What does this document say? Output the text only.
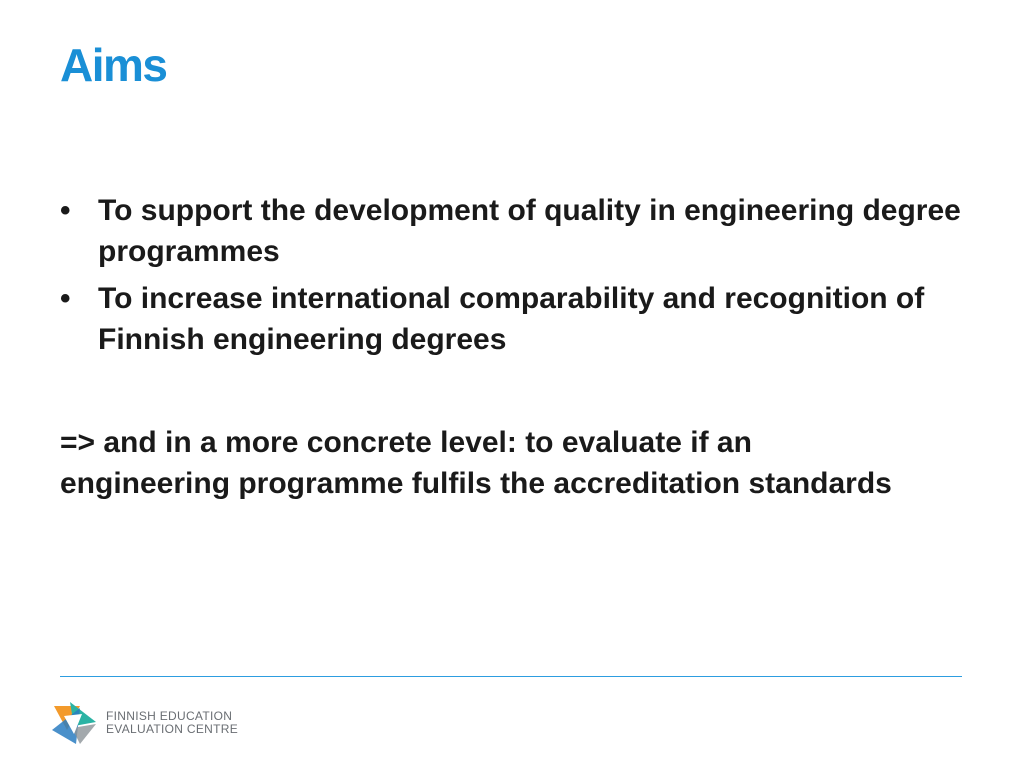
Aims
• To support the development of quality in engineering degree programmes
• To increase international comparability and recognition of Finnish engineering degrees

=> and in a more concrete level: to evaluate if an engineering programme fulfils the accreditation standards

FINNISH EDUCATION
EVALUATION CENTRE
